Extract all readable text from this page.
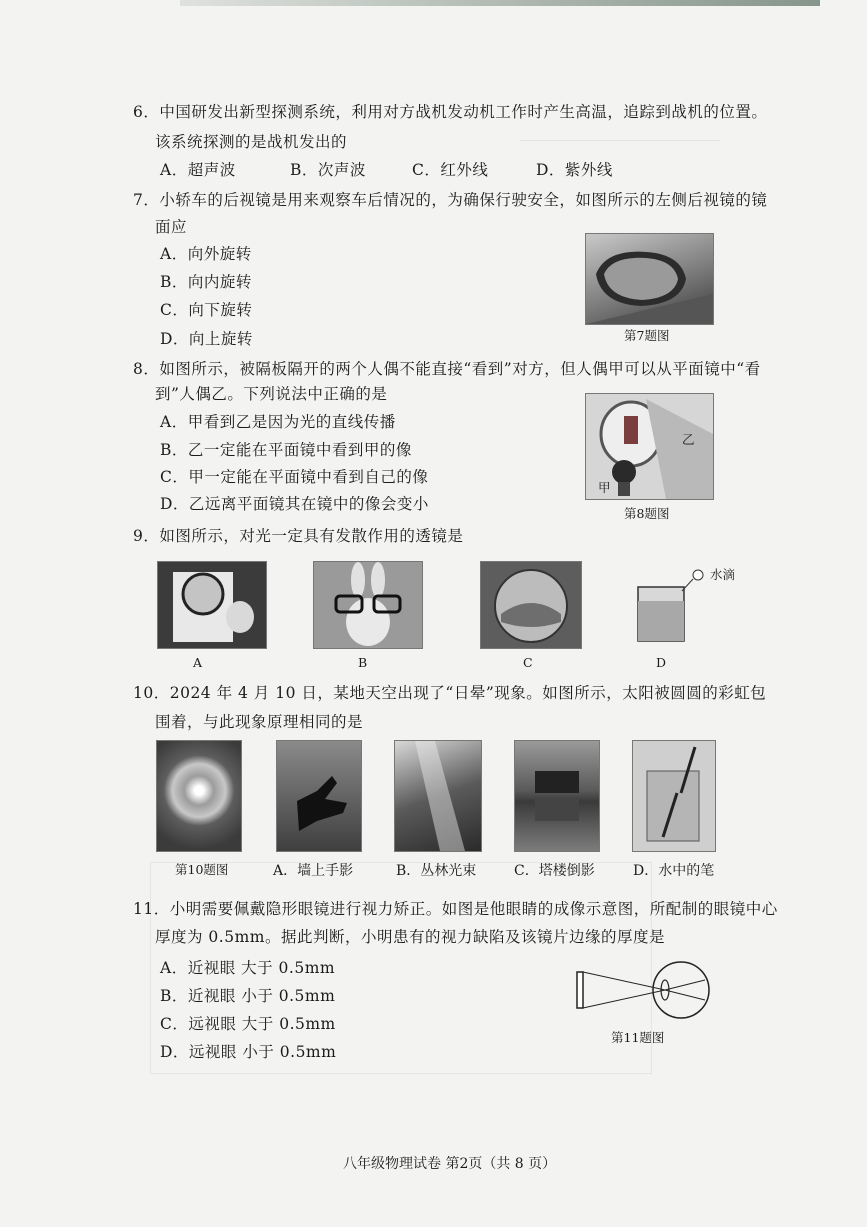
6．中国研发出新型探测系统，利用对方战机发动机工作时产生高温，追踪到战机的位置。
该系统探测的是战机发出的
A．超声波	B．次声波	C．红外线	D．紫外线
7．小轿车的后视镜是用来观察车后情况的，为确保行驶安全，如图所示的左侧后视镜的镜
面应
A．向外旋转
B．向内旋转
C．向下旋转
D．向上旋转	第7题图
8．如图所示，被隔板隔开的两个人偶不能直接“看到”对方，但人偶甲可以从平面镜中“看
到”人偶乙。下列说法中正确的是
A．甲看到乙是因为光的直线传播
B．乙一定能在平面镜中看到甲的像
C．甲一定能在平面镜中看到自己的像
D．乙远离平面镜其在镜中的像会变小
乙
甲
第8题图
9．如图所示，对光一定具有发散作用的透镜是
A	B	C
水滴
D
10．2024 年 4 月 10 日，某地天空出现了“日晕”现象。如图所示，太阳被圆圆的彩虹包
围着，与此现象原理相同的是
第10题图	A．墙上手影	B．丛林光束	C．塔楼倒影	D．水中的笔
11．小明需要佩戴隐形眼镜进行视力矫正。如图是他眼睛的成像示意图，所配制的眼镜中心
厚度为 0.5mm。据此判断，小明患有的视力缺陷及该镜片边缘的厚度是
A．近视眼 大于 0.5mm
B．近视眼 小于 0.5mm
C．远视眼 大于 0.5mm
D．远视眼 小于 0.5mm
第11题图
八年级物理试卷 第2页（共 8 页）
